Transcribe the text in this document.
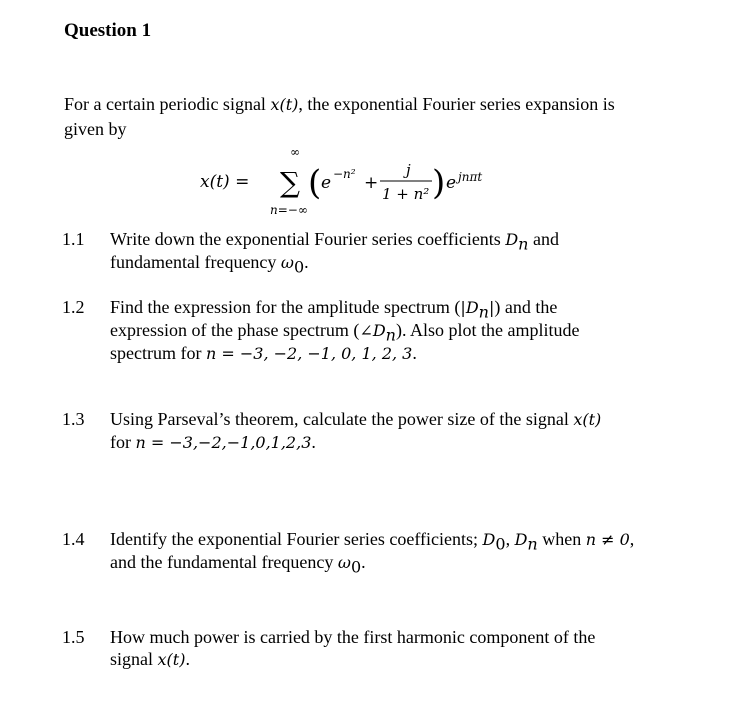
Question 1
For a certain periodic signal x(t), the exponential Fourier series expansion is
given by
x(t) =
∞
∑
n=−∞
( e −n² +
j
1 + n² ) e jnπt
1.1	Write down the exponential Fourier series coefficients $D_n$ and
fundamental frequency $\omega_0$.
1.2	Find the expression for the amplitude spectrum $(|D_n|)$ and the
expression of the phase spectrum $(\angle D_n)$. Also plot the amplitude
spectrum for n = −3, −2, −1, 0, 1, 2, 3.
1.3	Using Parseval’s theorem, calculate the power size of the signal x(t)
for n = −3,−2,−1,0,1,2,3.
1.4	Identify the exponential Fourier series coefficients; $D_0$, $D_n$ when n ≠ 0,
and the fundamental frequency $\omega_0$.
1.5	How much power is carried by the first harmonic component of the
signal x(t).
